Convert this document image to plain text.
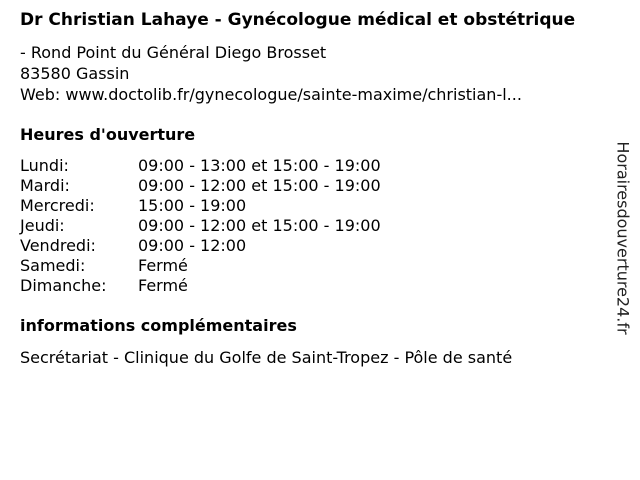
Dr Christian Lahaye - Gynécologue médical et obstétrique
- Rond Point du Général Diego Brosset
83580 Gassin
Web: www.doctolib.fr/gynecologue/sainte-maxime/christian-l...
Heures d'ouverture
Lundi:	09:00 - 13:00 et 15:00 - 19:00
Mardi:	09:00 - 12:00 et 15:00 - 19:00
Mercredi:	15:00 - 19:00
Jeudi:	09:00 - 12:00 et 15:00 - 19:00
Vendredi:	09:00 - 12:00
Samedi:	Fermé
Dimanche:	Fermé
informations complémentaires
Secrétariat - Clinique du Golfe de Saint-Tropez - Pôle de santé
Horairesdouverture24.fr
